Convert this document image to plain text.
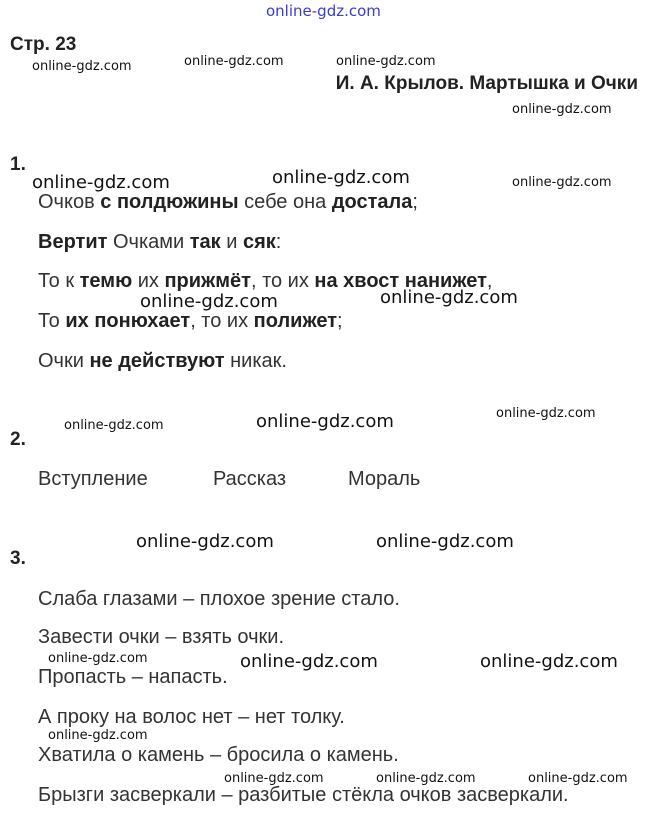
online-gdz.com
Стр. 23
И. А. Крылов. Мартышка и Очки
1.
Очков с полдюжины себе она достала;
Вертит Очками так и сяк:
То к темю их прижмёт, то их на хвост нанижет,
То их понюхает, то их полижет;
Очки не действуют никак.
2.
Вступление	Рассказ	Мораль
3.
Слаба глазами – плохое зрение стало.
Завести очки – взять очки.
Пропасть – напасть.
А проку на волос нет – нет толку.
Хватила о камень – бросила о камень.
Брызги засверкали – разбитые стёкла очков засверкали.
online-gdz.com	online-gdz.com	online-gdz.com
online-gdz.com
online-gdz.com	online-gdz.com	online-gdz.com
online-gdz.com	online-gdz.com
online-gdz.com	online-gdz.com	online-gdz.com
online-gdz.com	online-gdz.com
online-gdz.com	online-gdz.com	online-gdz.com
online-gdz.com
online-gdz.com	online-gdz.com	online-gdz.com
